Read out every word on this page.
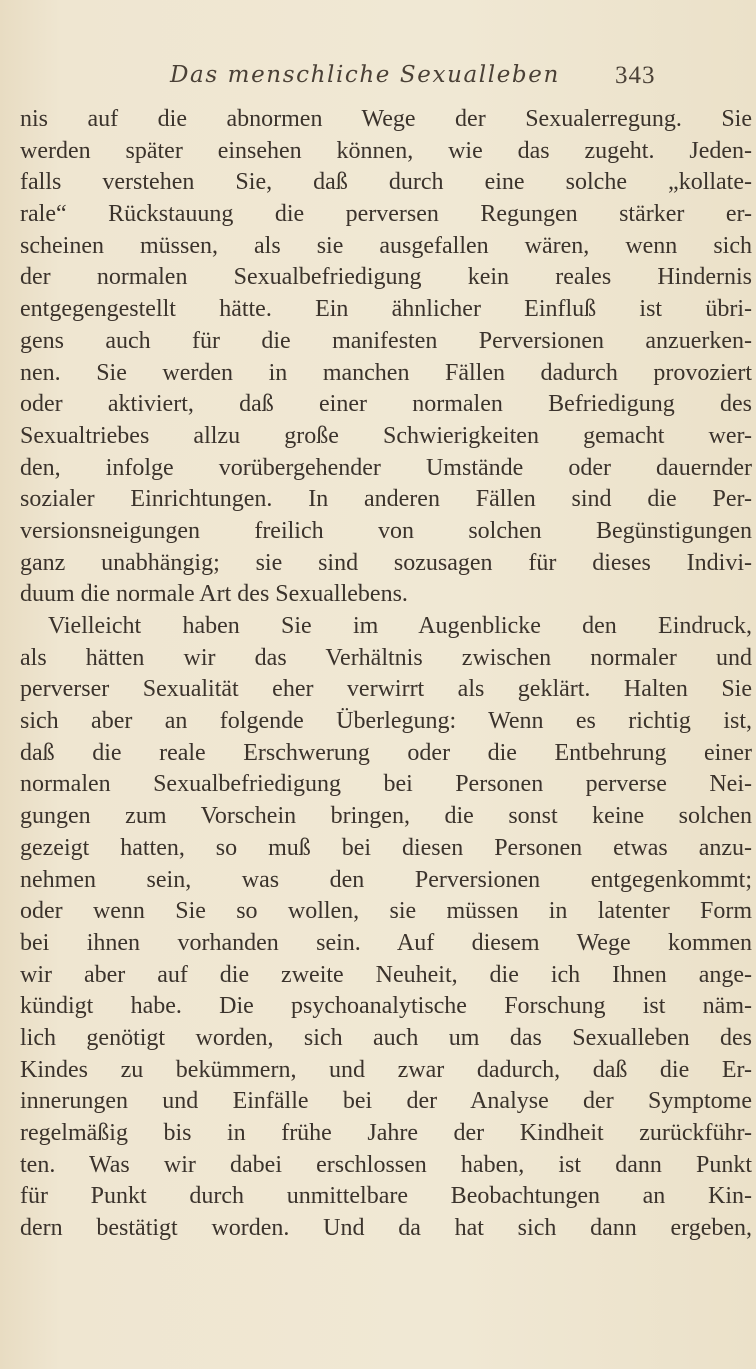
Das menschliche Sexualleben 343
nis auf die abnormen Wege der Sexualerregung. Sie
werden später einsehen können, wie das zugeht. Jeden-
falls verstehen Sie, daß durch eine solche „kollate-
rale“ Rückstauung die perversen Regungen stärker er-
scheinen müssen, als sie ausgefallen wären, wenn sich
der normalen Sexualbefriedigung kein reales Hindernis
entgegengestellt hätte. Ein ähnlicher Einfluß ist übri-
gens auch für die manifesten Perversionen anzuerken-
nen. Sie werden in manchen Fällen dadurch provoziert
oder aktiviert, daß einer normalen Befriedigung des
Sexualtriebes allzu große Schwierigkeiten gemacht wer-
den, infolge vorübergehender Umstände oder dauernder
sozialer Einrichtungen. In anderen Fällen sind die Per-
versionsneigungen freilich von solchen Begünstigungen
ganz unabhängig; sie sind sozusagen für dieses Indivi-
duum die normale Art des Sexuallebens.
Vielleicht haben Sie im Augenblicke den Eindruck,
als hätten wir das Verhältnis zwischen normaler und
perverser Sexualität eher verwirrt als geklärt. Halten Sie
sich aber an folgende Überlegung: Wenn es richtig ist,
daß die reale Erschwerung oder die Entbehrung einer
normalen Sexualbefriedigung bei Personen perverse Nei-
gungen zum Vorschein bringen, die sonst keine solchen
gezeigt hatten, so muß bei diesen Personen etwas anzu-
nehmen sein, was den Perversionen entgegenkommt;
oder wenn Sie so wollen, sie müssen in latenter Form
bei ihnen vorhanden sein. Auf diesem Wege kommen
wir aber auf die zweite Neuheit, die ich Ihnen ange-
kündigt habe. Die psychoanalytische Forschung ist näm-
lich genötigt worden, sich auch um das Sexualleben des
Kindes zu bekümmern, und zwar dadurch, daß die Er-
innerungen und Einfälle bei der Analyse der Symptome
regelmäßig bis in frühe Jahre der Kindheit zurückführ-
ten. Was wir dabei erschlossen haben, ist dann Punkt
für Punkt durch unmittelbare Beobachtungen an Kin-
dern bestätigt worden. Und da hat sich dann ergeben,
